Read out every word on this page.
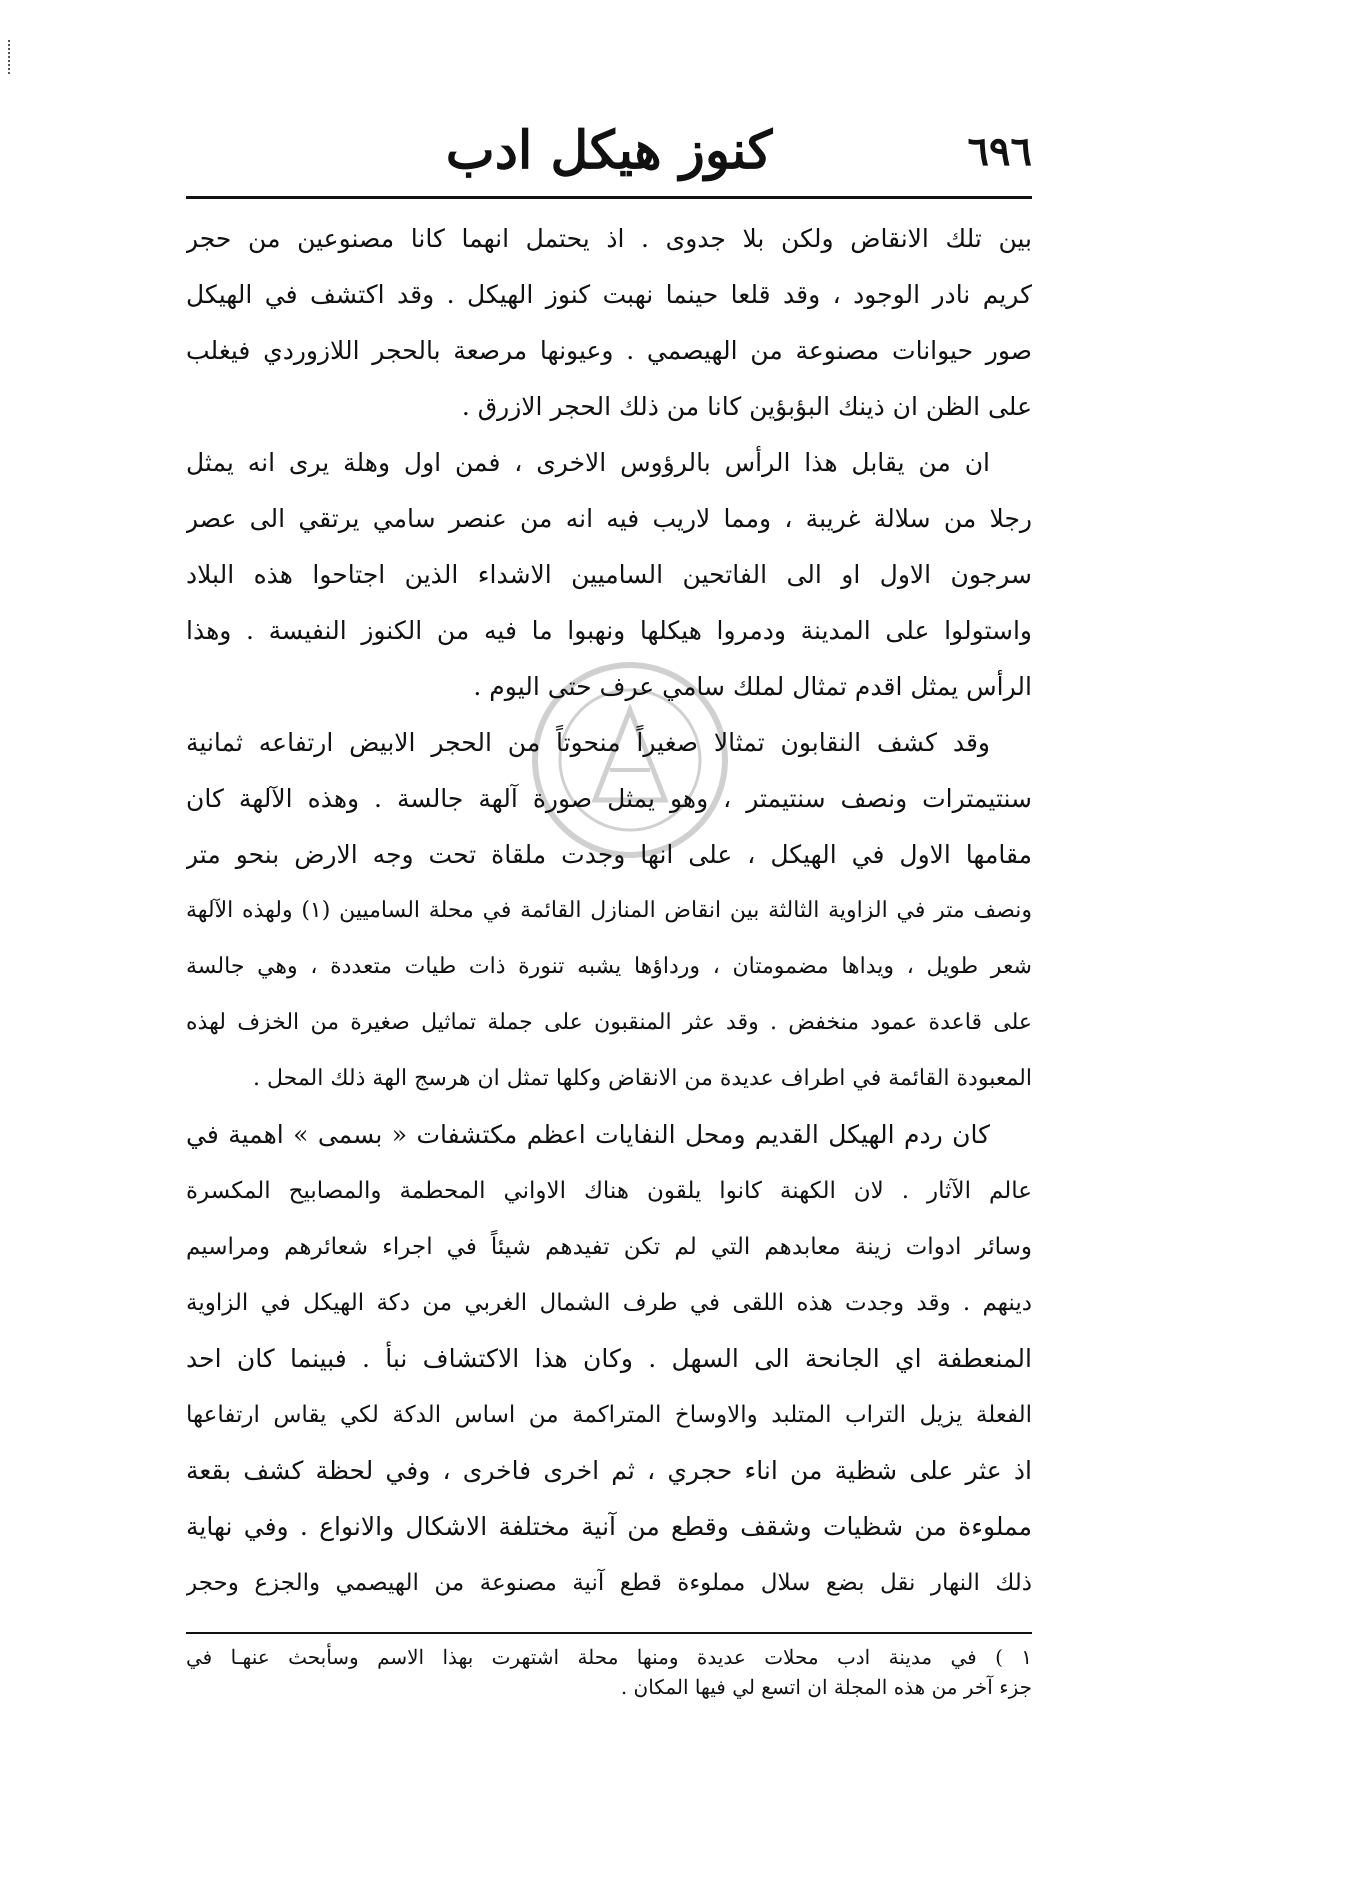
٦٩٦
كنوز هيكل ادب
بين تلك الانقاض ولكن بلا جدوى . اذ يحتمل انهما كانا مصنوعين من حجر
كريم نادر الوجود ، وقد قلعا حينما نهبت كنوز الهيكل . وقد اكتشف في الهيكل
صور حيوانات مصنوعة من الهيصمي . وعيونها مرصعة بالحجر اللازوردي فيغلب
على الظن ان ذينك البؤبؤين كانا من ذلك الحجر الازرق .
ان من يقابل هذا الرأس بالرؤوس الاخرى ، فمن اول وهلة يرى انه يمثل
رجلا من سلالة غريبة ، ومما لاريب فيه انه من عنصر سامي يرتقي الى عصر
سرجون الاول او الى الفاتحين الساميين الاشداء الذين اجتاحوا هذه البلاد
واستولوا على المدينة ودمروا هيكلها ونهبوا ما فيه من الكنوز النفيسة . وهذا
الرأس يمثل اقدم تمثال لملك سامي عرف حتى اليوم .
وقد كشف النقابون تمثالا صغيراً منحوتاً من الحجر الابيض ارتفاعه ثمانية
سنتيمترات ونصف سنتيمتر ، وهو يمثل صورة آلهة جالسة . وهذه الآلهة كان
مقامها الاول في الهيكل ، على انها وجدت ملقاة تحت وجه الارض بنحو متر
ونصف متر في الزاوية الثالثة بين انقاض المنازل القائمة في محلة الساميين (١) ولهذه الآلهة
شعر طويل ، ويداها مضمومتان ، ورداؤها يشبه تنورة ذات طيات متعددة ، وهي جالسة
على قاعدة عمود منخفض . وقد عثر المنقبون على جملة تماثيل صغيرة من الخزف لهذه
المعبودة القائمة في اطراف عديدة من الانقاض وكلها تمثل ان هرسج الهة ذلك المحل .
كان ردم الهيكل القديم ومحل النفايات اعظم مكتشفات « بسمى » اهمية في
عالم الآثار . لان الكهنة كانوا يلقون هناك الاواني المحطمة والمصابيح المكسرة
وسائر ادوات زينة معابدهم التي لم تكن تفيدهم شيئاً في اجراء شعائرهم ومراسيم
دينهم . وقد وجدت هذه اللقى في طرف الشمال الغربي من دكة الهيكل في الزاوية
المنعطفة اي الجانحة الى السهل . وكان هذا الاكتشاف نبأ . فبينما كان احد
الفعلة يزيل التراب المتلبد والاوساخ المتراكمة من اساس الدكة لكي يقاس ارتفاعها
اذ عثر على شظية من اناء حجري ، ثم اخرى فاخرى ، وفي لحظة كشف بقعة
مملوءة من شظيات وشقف وقطع من آنية مختلفة الاشكال والانواع . وفي نهاية
ذلك النهار نقل بضع سلال مملوءة قطع آنية مصنوعة من الهيصمي والجزع وحجر
١ ) في مدينة ادب محلات عديدة ومنها محلة اشتهرت بهذا الاسم وسأبحث عنهـا في
جزء آخر من هذه المجلة ان اتسع لي فيها المكان .
